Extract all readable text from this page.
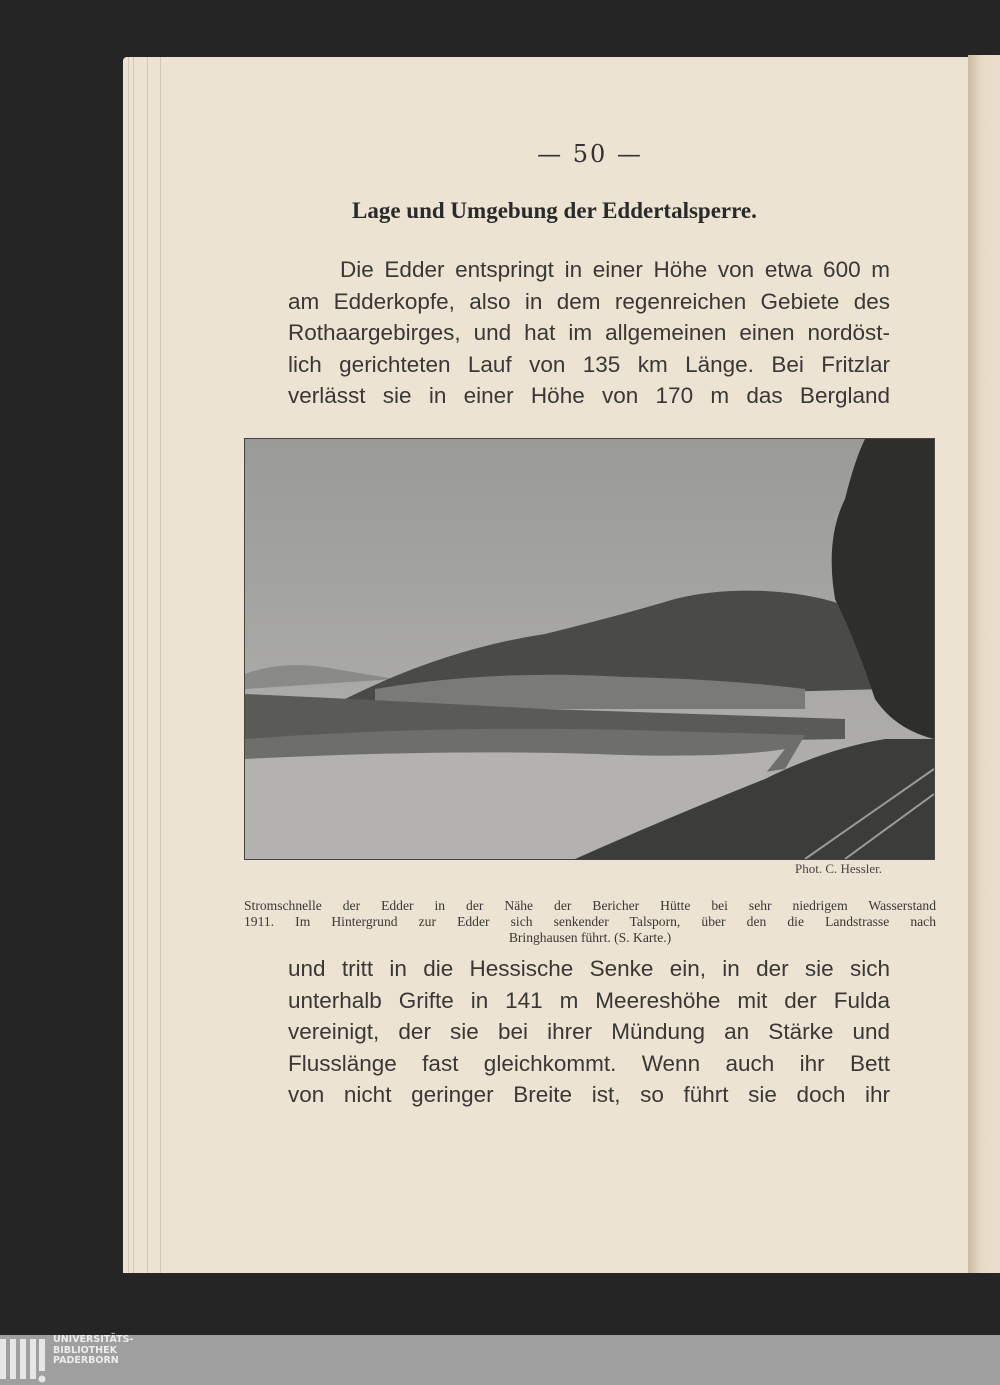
— 50 —
Lage und Umgebung der Eddertalsperre.
Die Edder entspringt in einer Höhe von etwa 600 m
am Edderkopfe, also in dem regenreichen Gebiete des
Rothaargebirges, und hat im allgemeinen einen nordöst-
lich gerichteten Lauf von 135 km Länge. Bei Fritzlar
verlässt sie in einer Höhe von 170 m das Bergland
Phot. C. Hessler.
Stromschnelle der Edder in der Nähe der Bericher Hütte bei sehr niedrigem Wasserstand
1911. Im Hintergrund zur Edder sich senkender Talsporn, über den die Landstrasse nach
Bringhausen führt. (S. Karte.)
und tritt in die Hessische Senke ein, in der sie sich
unterhalb Grifte in 141 m Meereshöhe mit der Fulda
vereinigt, der sie bei ihrer Mündung an Stärke und
Flusslänge fast gleichkommt. Wenn auch ihr Bett
von nicht geringer Breite ist, so führt sie doch ihr
UNIVERSITÄTS-
BIBLIOTHEK
PADERBORN
